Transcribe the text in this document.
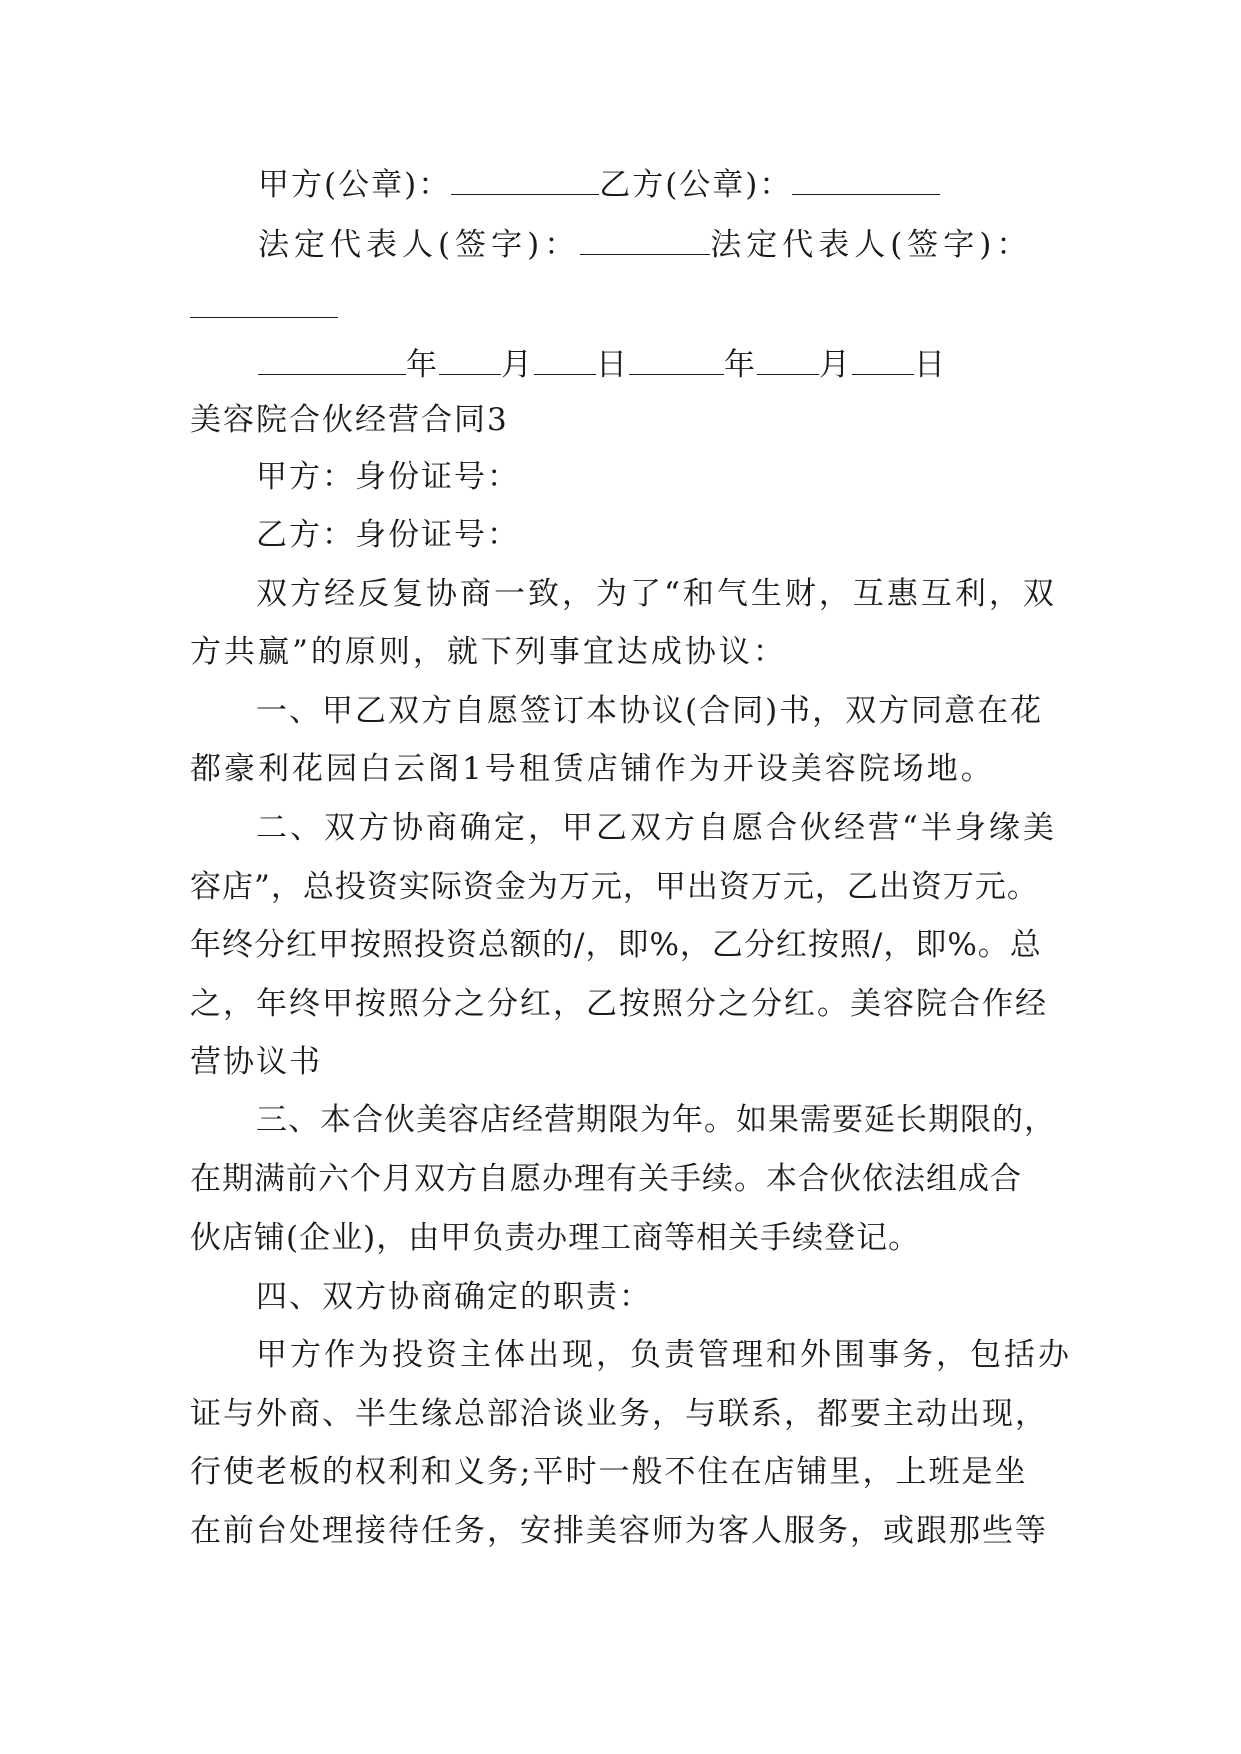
甲方(公章)：	乙方(公章)：
法定代表人(签字)：	法定代表人(签字)：
年 月 日	年 月 日
美容院合伙经营合同3
甲方：身份证号：
乙方：身份证号：
双方经反复协商一致，为了“和气生财，互惠互利，双
方共赢”的原则，就下列事宜达成协议：
一、甲乙双方自愿签订本协议(合同)书，双方同意在花
都豪利花园白云阁1号租赁店铺作为开设美容院场地。
二、双方协商确定，甲乙双方自愿合伙经营“半身缘美
容店”，总投资实际资金为万元，甲出资万元，乙出资万元。
年终分红甲按照投资总额的/，即%，乙分红按照/，即%。总
之，年终甲按照分之分红，乙按照分之分红。美容院合作经
营协议书
三、本合伙美容店经营期限为年。如果需要延长期限的，
在期满前六个月双方自愿办理有关手续。本合伙依法组成合
伙店铺(企业)，由甲负责办理工商等相关手续登记。
四、双方协商确定的职责：
甲方作为投资主体出现，负责管理和外围事务，包括办
证与外商、半生缘总部洽谈业务，与联系，都要主动出现，
行使老板的权利和义务;平时一般不住在店铺里，上班是坐
在前台处理接待任务，安排美容师为客人服务，或跟那些等
